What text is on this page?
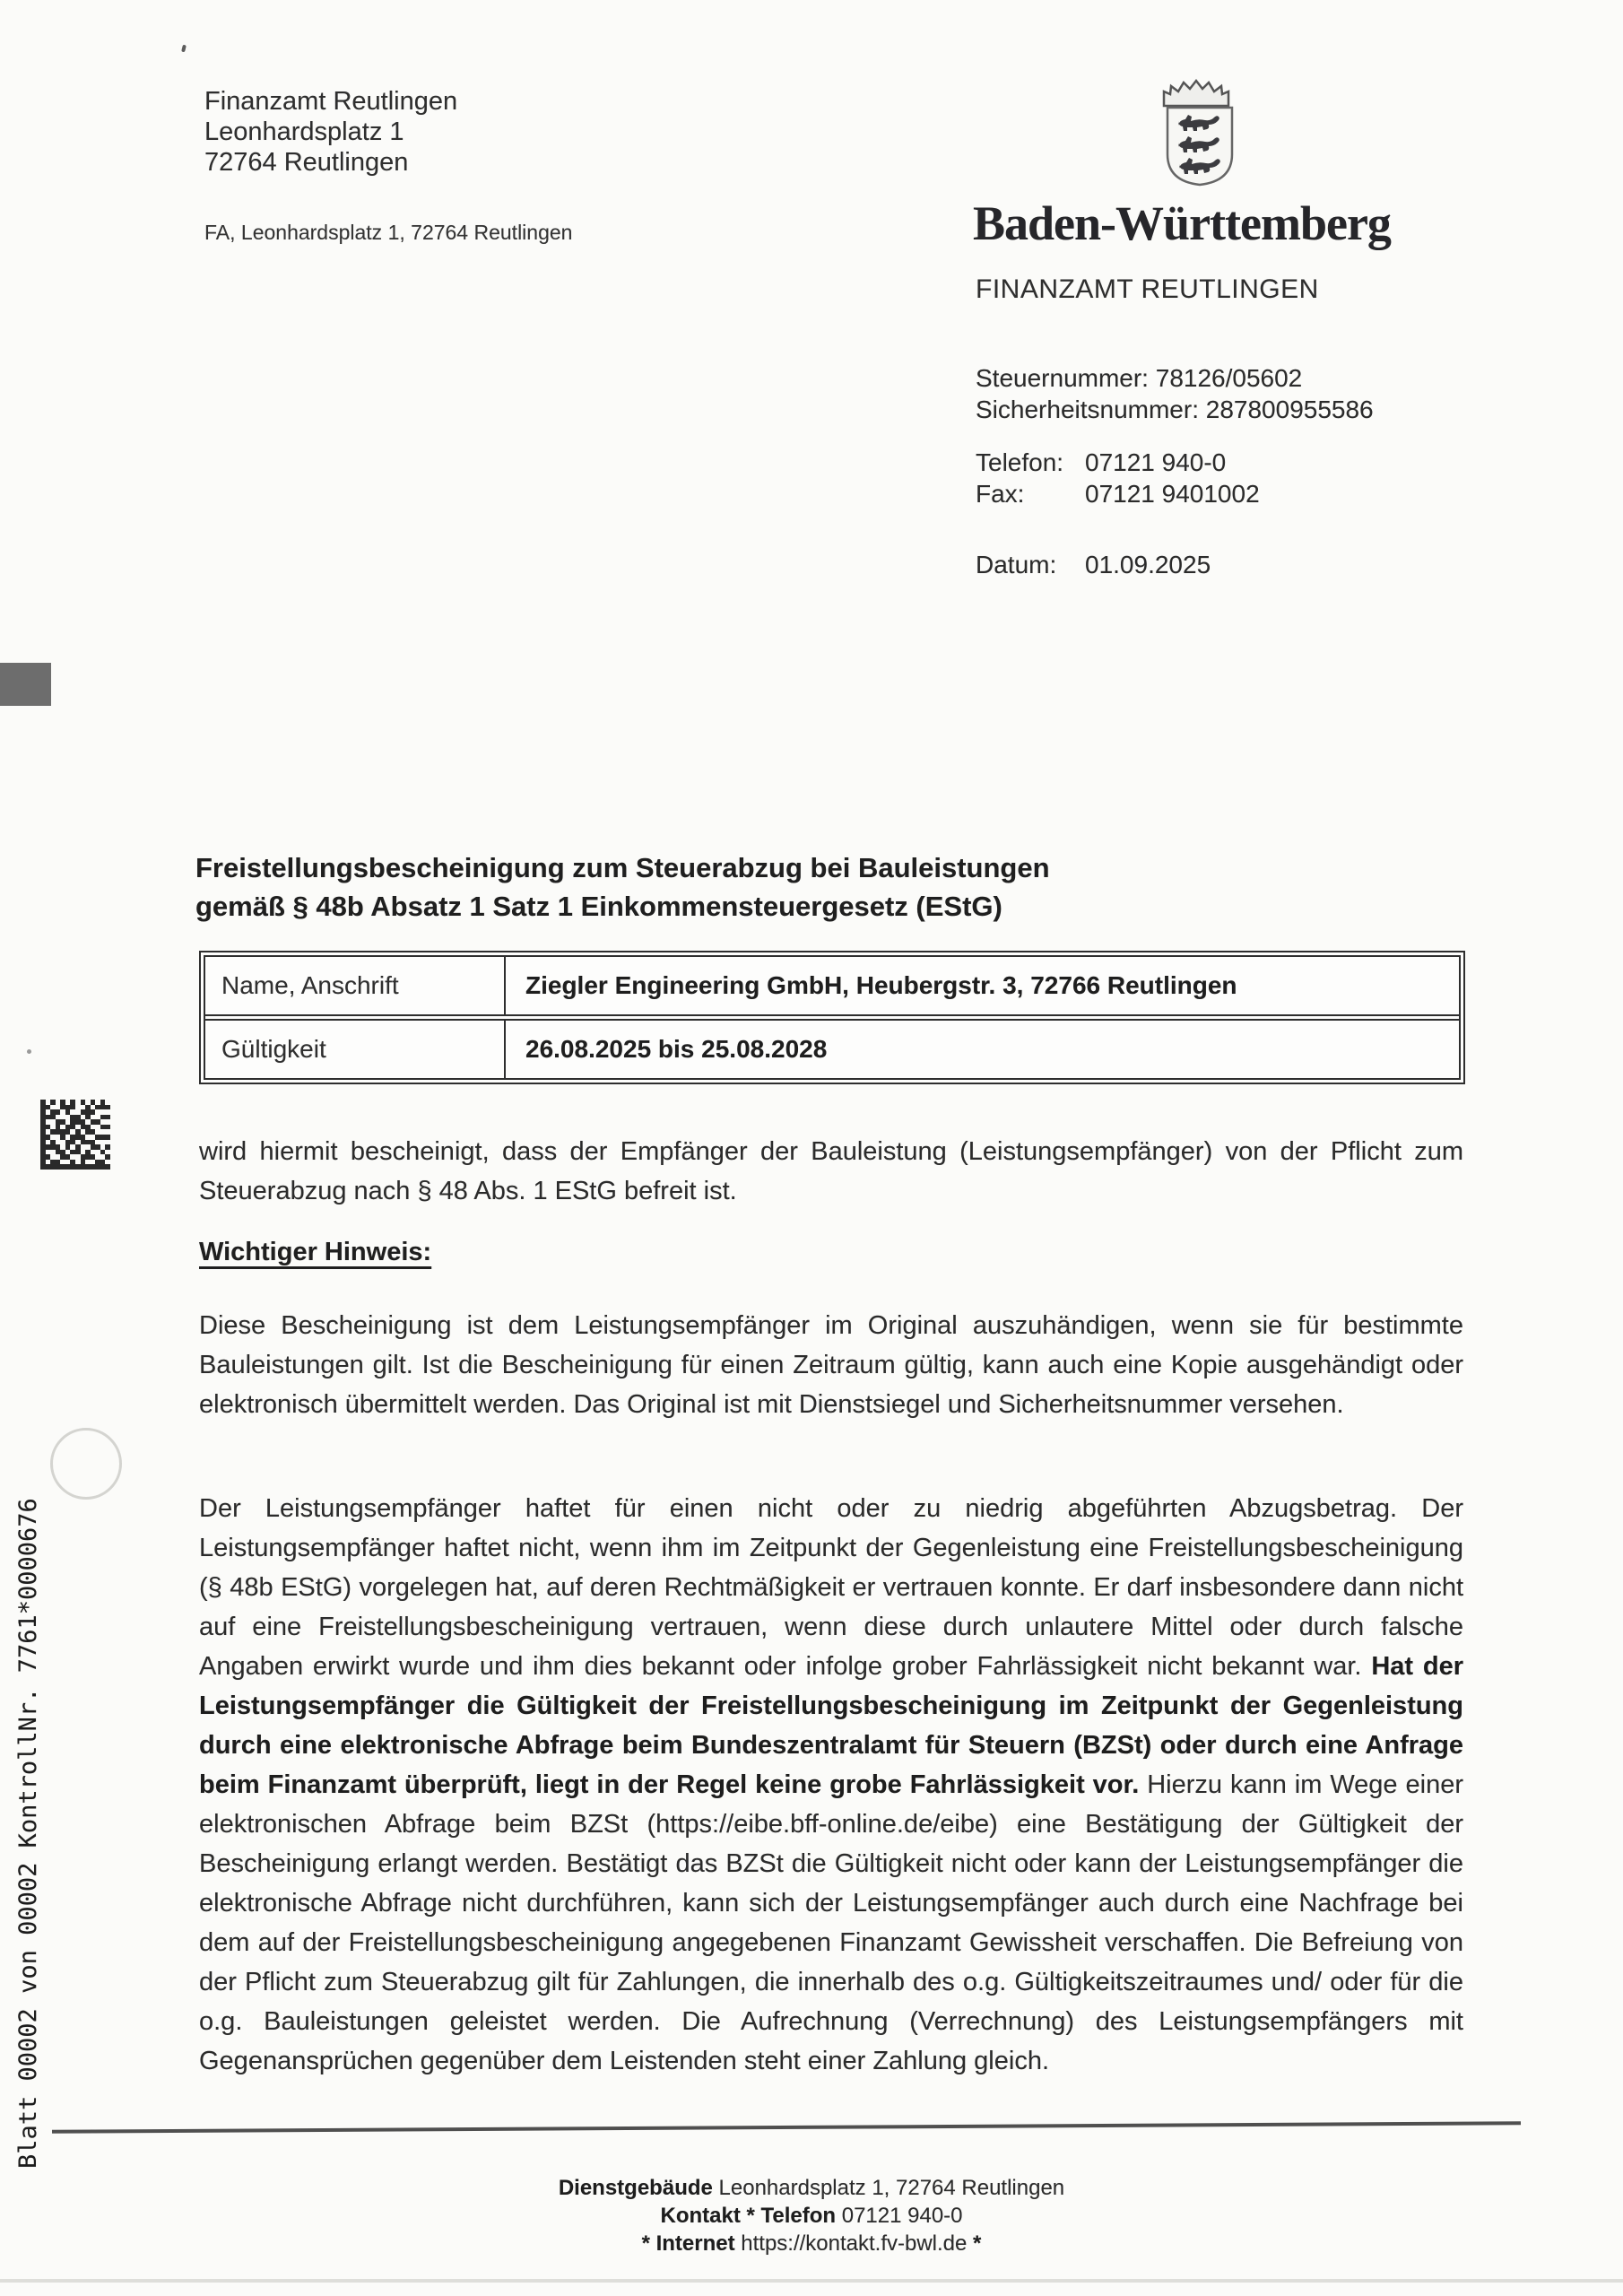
Finanzamt Reutlingen
Leonhardsplatz 1
72764 Reutlingen
FA, Leonhardsplatz 1, 72764 Reutlingen	Baden-Württemberg
FINANZAMT REUTLINGEN
Steuernummer: 78126/05602
Sicherheitsnummer: 287800955586
Telefon: 07121 940-0
Fax:	07121 9401002
Datum:	01.09.2025
Freistellungsbescheinigung zum Steuerabzug bei Bauleistungen
gemäß § 48b Absatz 1 Satz 1 Einkommensteuergesetz (EStG)
Name, Anschrift	Ziegler Engineering GmbH, Heubergstr. 3, 72766 Reutlingen
Gültigkeit	26.08.2025 bis 25.08.2028
wird hiermit bescheinigt, dass der Empfänger der Bauleistung (Leistungsempfänger) von der Pflicht zum Steuerabzug nach § 48 Abs. 1 EStG befreit ist.
Wichtiger Hinweis:
Diese Bescheinigung ist dem Leistungsempfänger im Original auszuhändigen, wenn sie für bestimmte Bauleistungen gilt. Ist die Bescheinigung für einen Zeitraum gültig, kann auch eine Kopie ausgehändigt oder elektronisch übermittelt werden. Das Original ist mit Dienstsiegel und Sicherheitsnummer versehen.
Der Leistungsempfänger haftet für einen nicht oder zu niedrig abgeführten Abzugsbetrag. Der Leistungsempfänger haftet nicht, wenn ihm im Zeitpunkt der Gegenleistung eine Freistellungsbescheinigung (§ 48b EStG) vorgelegen hat, auf deren Rechtmäßigkeit er vertrauen konnte. Er darf insbesondere dann nicht auf eine Freistellungsbescheinigung vertrauen, wenn diese durch unlautere Mittel oder durch falsche Angaben erwirkt wurde und ihm dies bekannt oder infolge grober Fahrlässigkeit nicht bekannt war. Hat der Leistungsempfänger die Gültigkeit der Freistellungsbescheinigung im Zeitpunkt der Gegenleistung durch eine elektronische Abfrage beim Bundeszentralamt für Steuern (BZSt) oder durch eine Anfrage beim Finanzamt überprüft, liegt in der Regel keine grobe Fahrlässigkeit vor. Hierzu kann im Wege einer elektronischen Abfrage beim BZSt (https://eibe.bff-online.de/eibe) eine Bestätigung der Gültigkeit der Bescheinigung erlangt werden. Bestätigt das BZSt die Gültigkeit nicht oder kann der Leistungsempfänger die elektronische Abfrage nicht durchführen, kann sich der Leistungsempfänger auch durch eine Nachfrage bei dem auf der Freistellungsbescheinigung angegebenen Finanzamt Gewissheit verschaffen. Die Befreiung von der Pflicht zum Steuerabzug gilt für Zahlungen, die innerhalb des o.g. Gültigkeitszeitraumes und/ oder für die o.g. Bauleistungen geleistet werden. Die Aufrechnung (Verrechnung) des Leistungsempfängers mit Gegenansprüchen gegenüber dem Leistenden steht einer Zahlung gleich.
Blatt 00002 von 00002 KontrollNr. 7761*0000676
Dienstgebäude Leonhardsplatz 1, 72764 Reutlingen
Kontakt * Telefon 07121 940-0
* Internet https://kontakt.fv-bwl.de *
